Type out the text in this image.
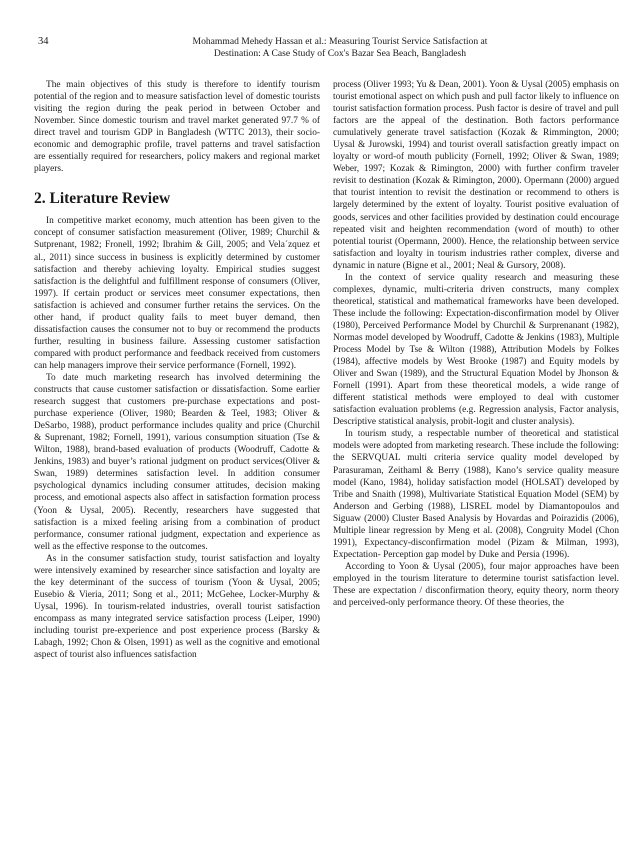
34	Mohammad Mehedy Hassan et al.: Measuring Tourist Service Satisfaction at
Destination: A Case Study of Cox's Bazar Sea Beach, Bangladesh

The main objectives of this study is therefore to identify tourism potential of the region and to measure satisfaction level of domestic tourists visiting the region during the peak period in between October and November. Since domestic tourism and travel market generated 97.7 % of direct travel and tourism GDP in Bangladesh (WTTC 2013), their socio-economic and demographic profile, travel patterns and travel satisfaction are essentially required for researchers, policy makers and regional market players.

2. Literature Review

In competitive market economy, much attention has been given to the concept of consumer satisfaction measurement (Oliver, 1989; Churchil & Sutprenant, 1982; Fronell, 1992; Ibrahim & Gill, 2005; and Vela´zquez et al., 2011) since success in business is explicitly determined by customer satisfaction and thereby achieving loyalty. Empirical studies suggest satisfaction is the delightful and fulfillment response of consumers (Oliver, 1997). If certain product or services meet consumer expectations, then satisfaction is achieved and consumer further retains the services. On the other hand, if product quality fails to meet buyer demand, then dissatisfaction causes the consumer not to buy or recommend the products further, resulting in business failure. Assessing customer satisfaction compared with product performance and feedback received from customers can help managers improve their service performance (Fornell, 1992).

To date much marketing research has involved determining the constructs that cause customer satisfaction or dissatisfaction. Some earlier research suggest that customers pre-purchase expectations and post-purchase experience (Oliver, 1980; Bearden & Teel, 1983; Oliver & DeSarbo, 1988), product performance includes quality and price (Churchil & Suprenant, 1982; Fornell, 1991), various consumption situation (Tse & Wilton, 1988), brand-based evaluation of products (Woodruff, Cadotte & Jenkins, 1983) and buyer’s rational judgment on product services(Oliver & Swan, 1989) determines satisfaction level. In addition consumer psychological dynamics including consumer attitudes, decision making process, and emotional aspects also affect in satisfaction formation process (Yoon & Uysal, 2005). Recently, researchers have suggested that satisfaction is a mixed feeling arising from a combination of product performance, consumer rational judgment, expectation and experience as well as the effective response to the outcomes.

As in the consumer satisfaction study, tourist satisfaction and loyalty were intensively examined by researcher since satisfaction and loyalty are the key determinant of the success of tourism (Yoon & Uysal, 2005; Eusebio & Vieria, 2011; Song et al., 2011; McGehee, Locker-Murphy & Uysal, 1996). In tourism-related industries, overall tourist satisfaction encompass as many integrated service satisfaction process (Leiper, 1990) including tourist pre-experience and post experience process (Barsky & Labagh, 1992; Chon & Olsen, 1991) as well as the cognitive and emotional aspect of tourist also influences satisfaction

process (Oliver 1993; Yu & Dean, 2001). Yoon & Uysal (2005) emphasis on tourist emotional aspect on which push and pull factor likely to influence on tourist satisfaction formation process. Push factor is desire of travel and pull factors are the appeal of the destination. Both factors performance cumulatively generate travel satisfaction (Kozak & Rimmington, 2000; Uysal & Jurowski, 1994) and tourist overall satisfaction greatly impact on loyalty or word-of mouth publicity (Fornell, 1992; Oliver & Swan, 1989; Weber, 1997; Kozak & Rimington, 2000) with further confirm traveler revisit to destination (Kozak & Rimington, 2000). Opermann (2000) argued that tourist intention to revisit the destination or recommend to others is largely determined by the extent of loyalty. Tourist positive evaluation of goods, services and other facilities provided by destination could encourage repeated visit and heighten recommendation (word of mouth) to other potential tourist (Opermann, 2000). Hence, the relationship between service satisfaction and loyalty in tourism industries rather complex, diverse and dynamic in nature (Bigne et al., 2001; Neal & Gursory, 2008).

In the context of service quality research and measuring these complexes, dynamic, multi-criteria driven constructs, many complex theoretical, statistical and mathematical frameworks have been developed. These include the following: Expectation-disconfirmation model by Oliver (1980), Perceived Performance Model by Churchil & Surprenanant (1982), Normas model developed by Woodruff, Cadotte & Jenkins (1983), Multiple Process Model by Tse & Wilton (1988), Attribution Models by Folkes (1984), affective models by West Brooke (1987) and Equity models by Oliver and Swan (1989), and the Structural Equation Model by Jhonson & Fornell (1991). Apart from these theoretical models, a wide range of different statistical methods were employed to deal with customer satisfaction evaluation problems (e.g. Regression analysis, Factor analysis, Descriptive statistical analysis, probit-logit and cluster analysis).

In tourism study, a respectable number of theoretical and statistical models were adopted from marketing research. These include the following: the SERVQUAL multi criteria service quality model developed by Parasuraman, Zeithaml & Berry (1988), Kano’s service quality measure model (Kano, 1984), holiday satisfaction model (HOLSAT) developed by Tribe and Snaith (1998), Multivariate Statistical Equation Model (SEM) by Anderson and Gerbing (1988), LISREL model by Diamantopoulos and Siguaw (2000) Cluster Based Analysis by Hovardas and Poirazidis (2006), Multiple linear regression by Meng et al. (2008), Congruity Model (Chon 1991), Expectancy-disconfirmation model (Pizam & Milman, 1993), Expectation- Perception gap model by Duke and Persia (1996).

According to Yoon & Uysal (2005), four major approaches have been employed in the tourism literature to determine tourist satisfaction level. These are expectation / disconfirmation theory, equity theory, norm theory and perceived-only performance theory. Of these theories, the
